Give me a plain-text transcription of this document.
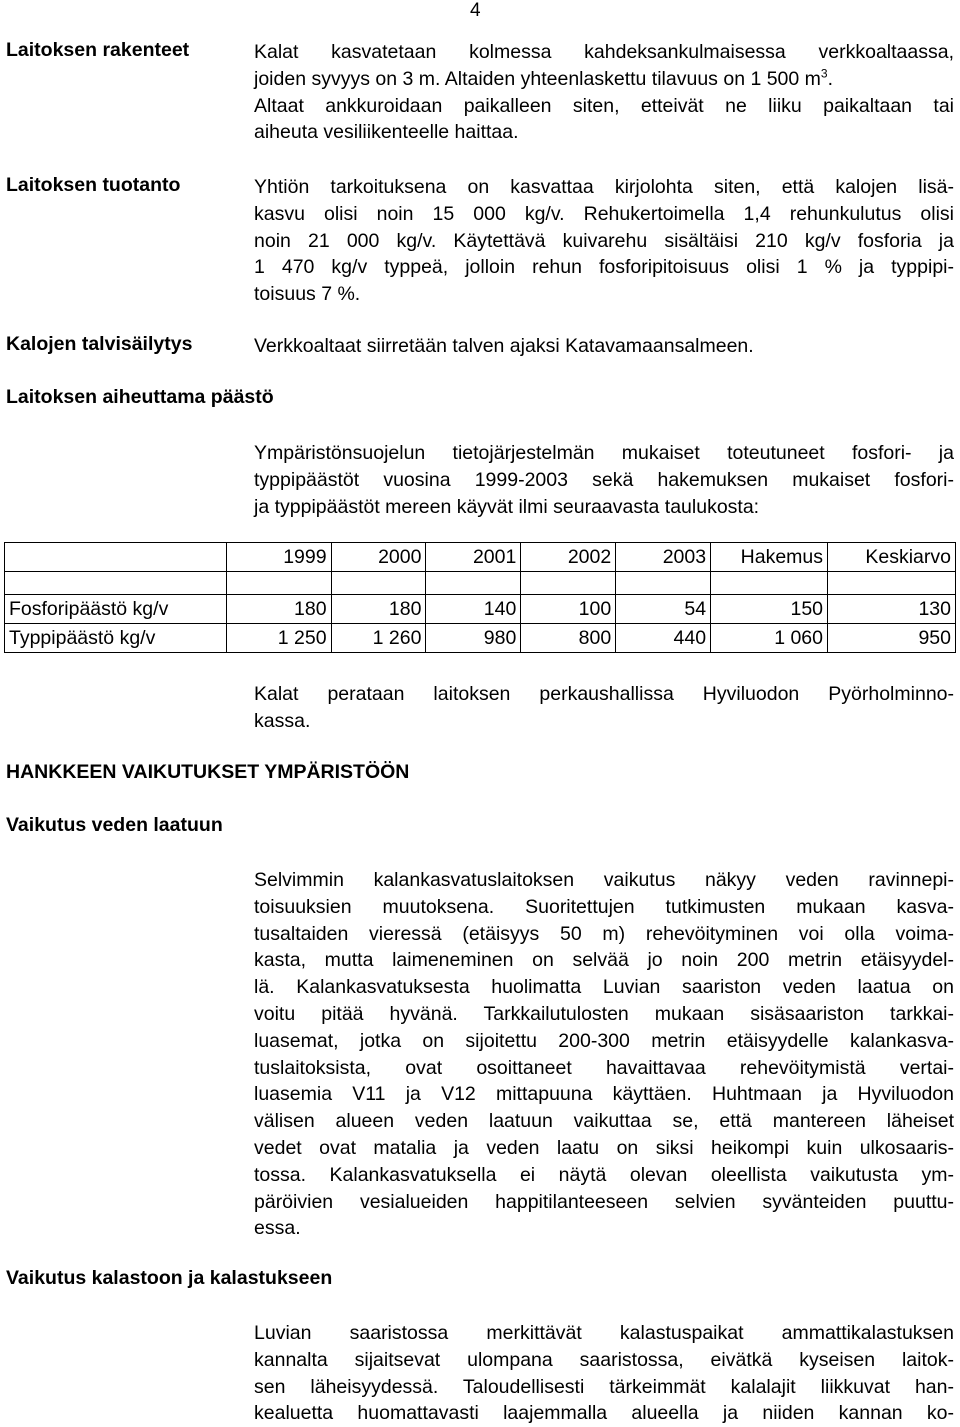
4
Laitoksen rakenteet	Kalat kasvatetaan kolmessa kahdeksankulmaisessa verkkoaltaassa,
joiden syvyys on 3 m. Altaiden yhteenlaskettu tilavuus on 1 500 $m^3$.
Altaat ankkuroidaan paikalleen siten, etteivät ne liiku paikaltaan tai
aiheuta vesiliikenteelle haittaa.
Laitoksen tuotanto	Yhtiön tarkoituksena on kasvattaa kirjolohta siten, että kalojen lisä-
kasvu olisi noin 15 000 kg/v. Rehukertoimella 1,4 rehunkulutus olisi
noin 21 000 kg/v. Käytettävä kuivarehu sisältäisi 210 kg/v fosforia ja
1 470 kg/v typpeä, jolloin rehun fosforipitoisuus olisi 1 % ja typpipi-
toisuus 7 %.
Kalojen talvisäilytys	Verkkoaltaat siirretään talven ajaksi Katavamaansalmeen.
Laitoksen aiheuttama päästö
Ympäristönsuojelun tietojärjestelmän mukaiset toteutuneet fosfori- ja
typpipäästöt vuosina 1999-2003 sekä hakemuksen mukaiset fosfori-
ja typpipäästöt mereen käyvät ilmi seuraavasta taulukosta:
	1999	2000	2001	2002	2003	Hakemus	Keskiarvo

Fosforipäästö kg/v	180	180	140	100	54	150	130
Typpipäästö kg/v	1 250	1 260	980	800	440	1 060	950
Kalat perataan laitoksen perkaushallissa Hyviluodon Pyörholminno-
kassa.
HANKKEEN VAIKUTUKSET YMPÄRISTÖÖN
Vaikutus veden laatuun
Selvimmin kalankasvatuslaitoksen vaikutus näkyy veden ravinnepi-
toisuuksien muutoksena. Suoritettujen tutkimusten mukaan kasva-
tusaltaiden vieressä (etäisyys 50 m) rehevöityminen voi olla voima-
kasta, mutta laimeneminen on selvää jo noin 200 metrin etäisyydel-
lä. Kalankasvatuksesta huolimatta Luvian saariston veden laatua on
voitu pitää hyvänä. Tarkkailutulosten mukaan sisäsaariston tarkkai-
luasemat, jotka on sijoitettu 200-300 metrin etäisyydelle kalankasva-
tuslaitoksista, ovat osoittaneet havaittavaa rehevöitymistä vertai-
luasemia V11 ja V12 mittapuuna käyttäen. Huhtmaan ja Hyviluodon
välisen alueen veden laatuun vaikuttaa se, että mantereen läheiset
vedet ovat matalia ja veden laatu on siksi heikompi kuin ulkosaaris-
tossa. Kalankasvatuksella ei näytä olevan oleellista vaikutusta ym-
päröivien vesialueiden happitilanteeseen selvien syvänteiden puuttu-
essa.
Vaikutus kalastoon ja kalastukseen
Luvian saaristossa merkittävät kalastuspaikat ammattikalastuksen
kannalta sijaitsevat ulompana saaristossa, eivätkä kyseisen laitok-
sen läheisyydessä. Taloudellisesti tärkeimmät kalalajit liikkuvat han-
kealuetta huomattavasti laajemmalla alueella ja niiden kannan ko-
